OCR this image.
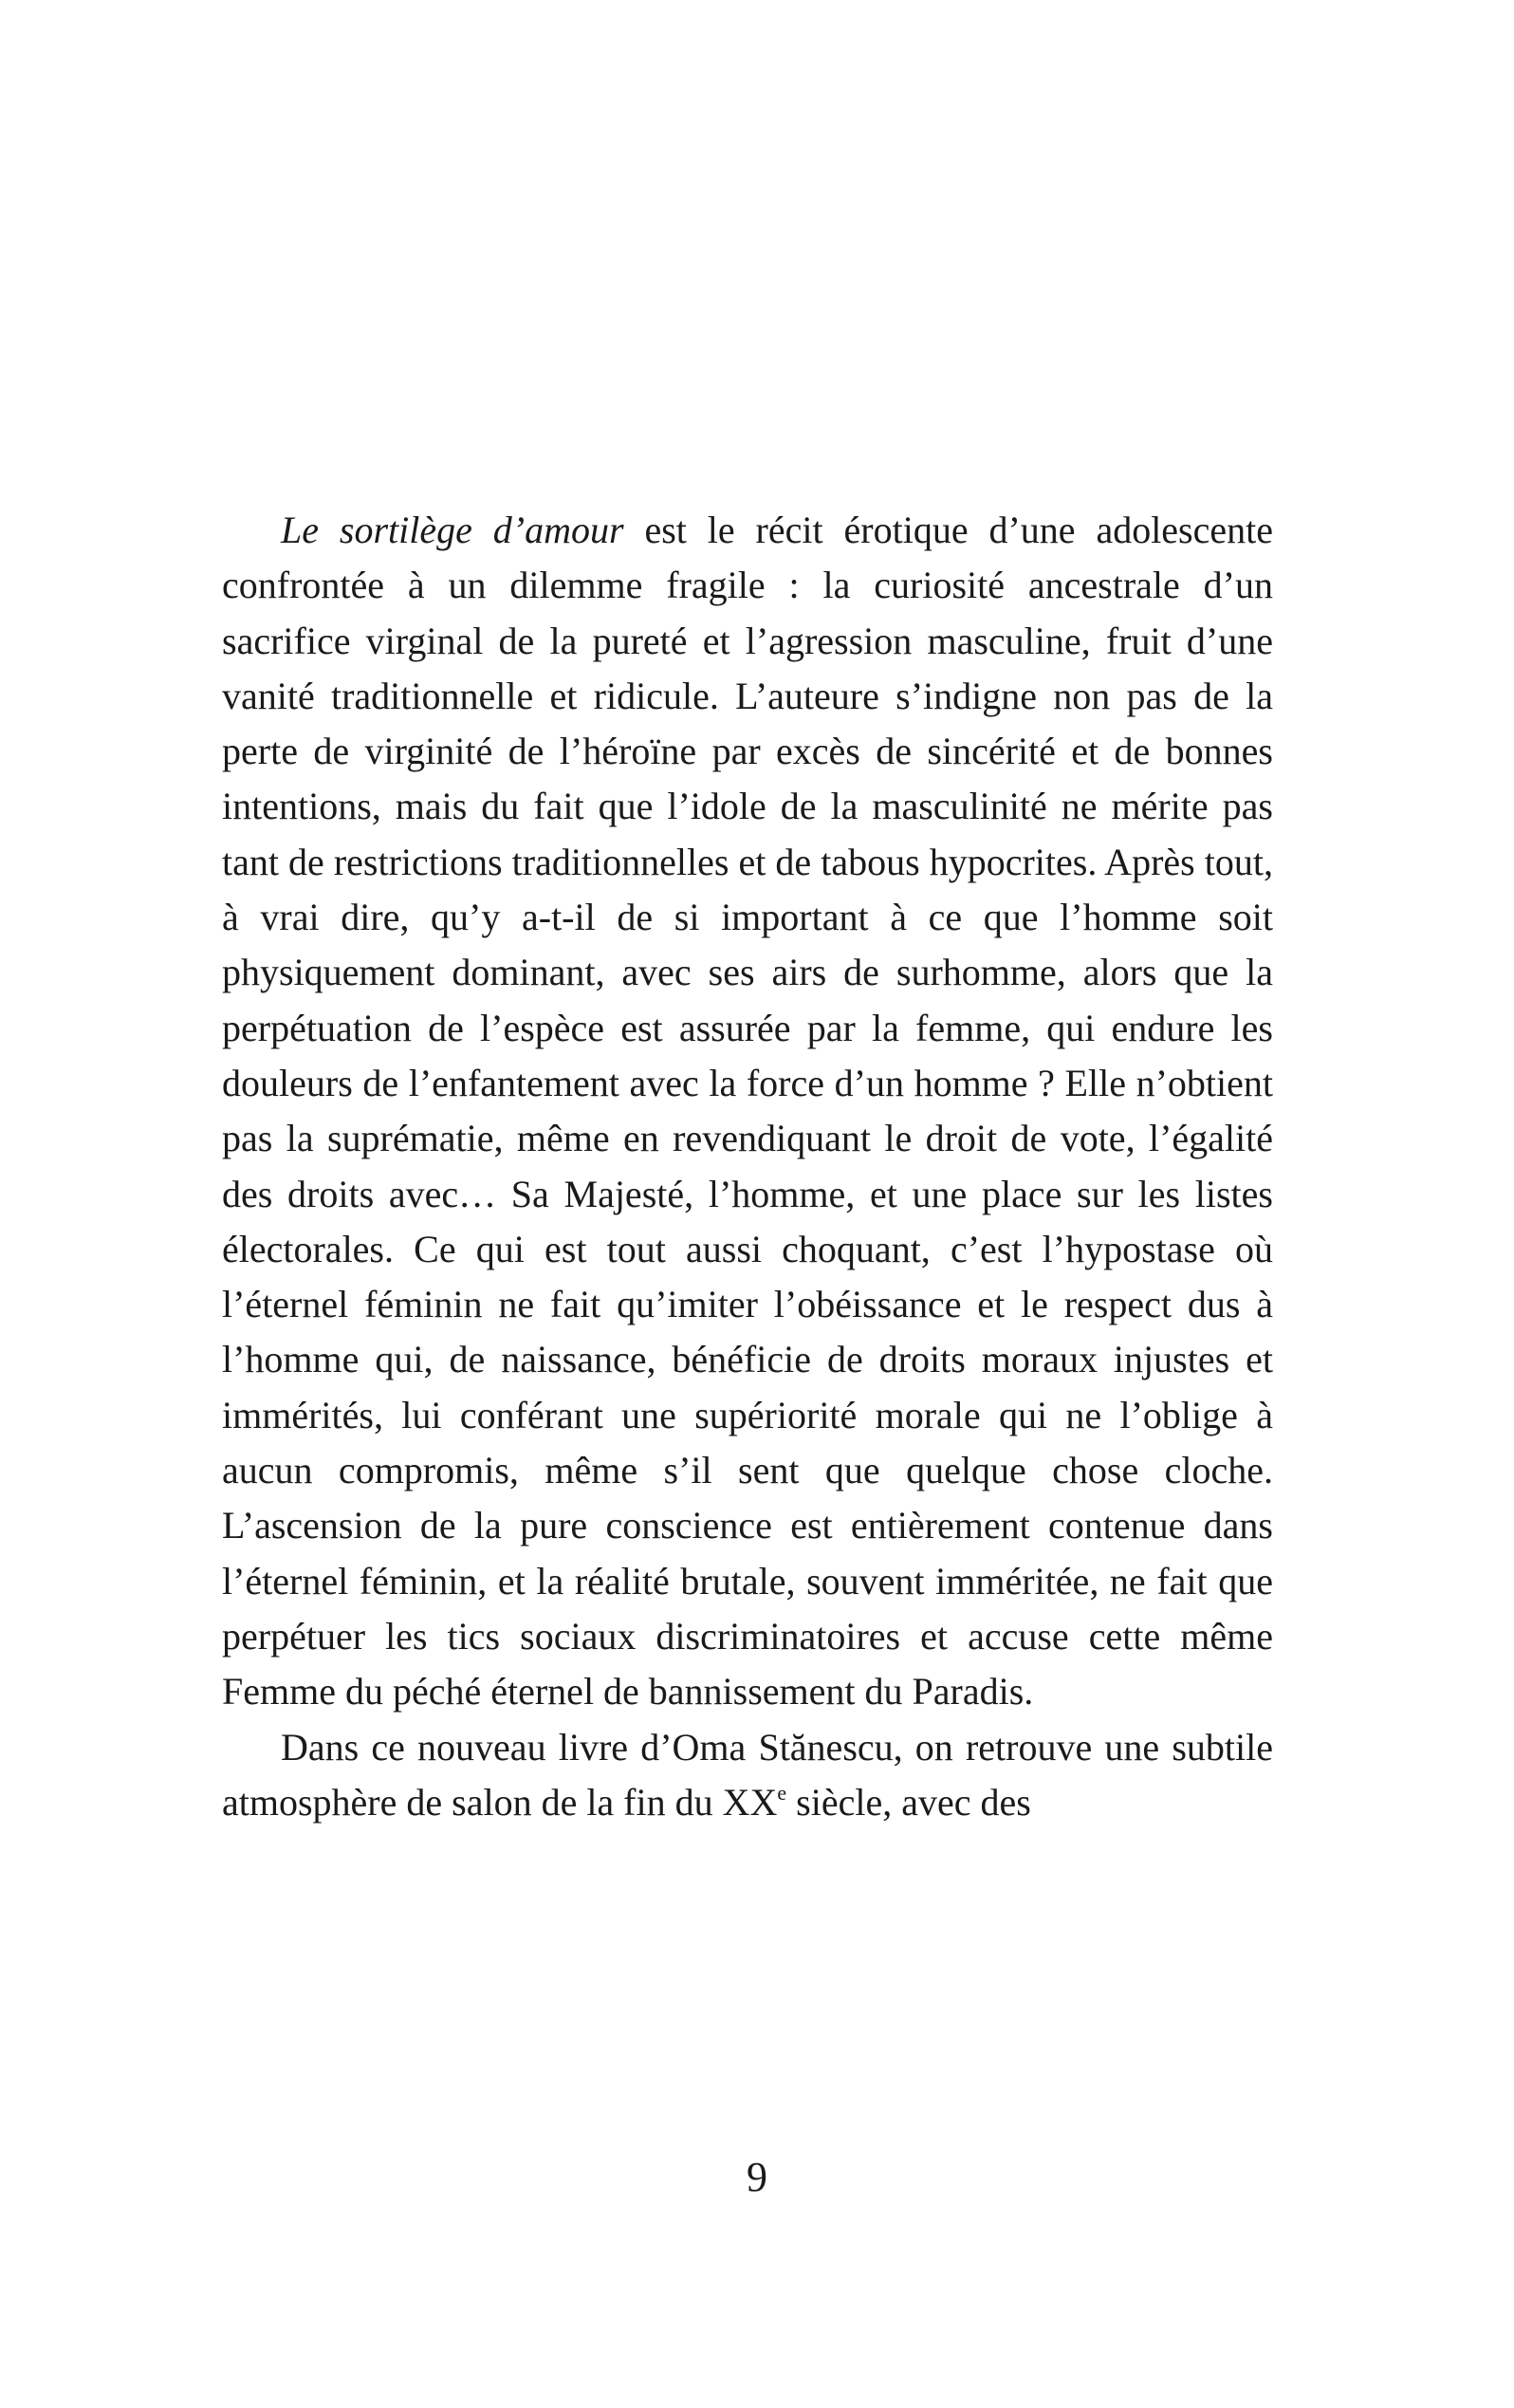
Le sortilège d’amour est le récit érotique d’une adolescente confrontée à un dilemme fragile : la curiosité ancestrale d’un sacrifice virginal de la pureté et l’agression masculine, fruit d’une vanité traditionnelle et ridicule. L’auteure s’indigne non pas de la perte de virginité de l’héroïne par excès de sincérité et de bonnes intentions, mais du fait que l’idole de la masculinité ne mérite pas tant de restrictions traditionnelles et de tabous hypocrites. Après tout, à vrai dire, qu’y a-t-il de si important à ce que l’homme soit physiquement dominant, avec ses airs de surhomme, alors que la perpétuation de l’espèce est assurée par la femme, qui endure les douleurs de l’enfantement avec la force d’un homme ? Elle n’obtient pas la suprématie, même en revendiquant le droit de vote, l’égalité des droits avec… Sa Majesté, l’homme, et une place sur les listes électorales. Ce qui est tout aussi choquant, c’est l’hypostase où l’éternel féminin ne fait qu’imiter l’obéissance et le respect dus à l’homme qui, de naissance, bénéficie de droits moraux injustes et immérités, lui conférant une supériorité morale qui ne l’oblige à aucun compromis, même s’il sent que quelque chose cloche. L’ascension de la pure conscience est entièrement contenue dans l’éternel féminin, et la réalité brutale, souvent imméritée, ne fait que perpétuer les tics sociaux discriminatoires et accuse cette même Femme du péché éternel de bannissement du Paradis.

Dans ce nouveau livre d’Oma Stănescu, on retrouve une subtile atmosphère de salon de la fin du XXe siècle, avec des

9
